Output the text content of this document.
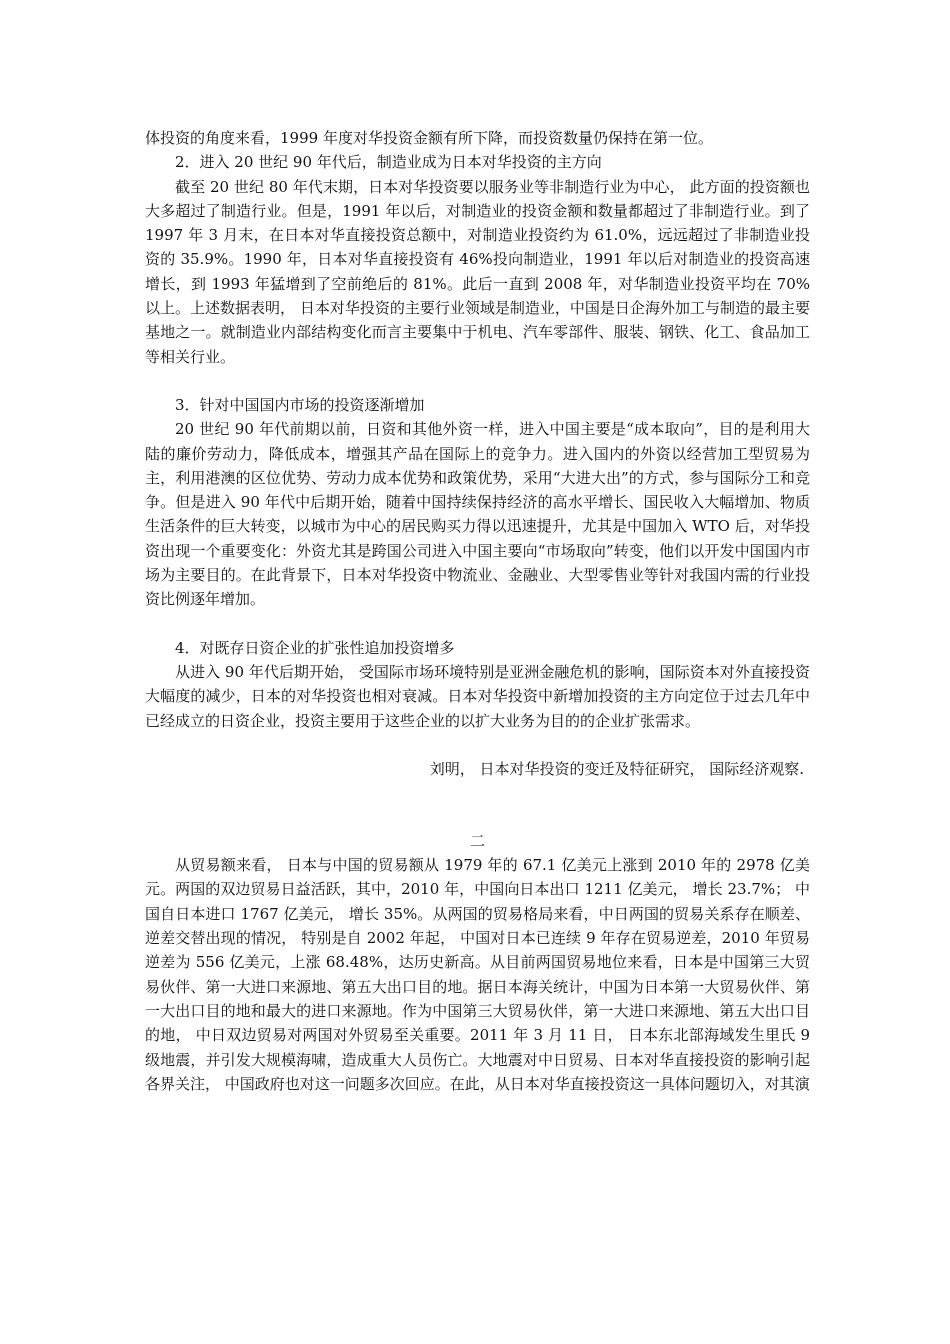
体投资的角度来看，1999 年度对华投资金额有所下降，而投资数量仍保持在第一位。

2．进入 20 世纪 90 年代后，制造业成为日本对华投资的主方向

截至 20 世纪 80 年代末期，日本对华投资要以服务业等非制造行业为中心， 此方面的投资额也大多超过了制造行业。但是，1991 年以后，对制造业的投资金额和数量都超过了非制造行业。到了 1997 年 3 月末，在日本对华直接投资总额中，对制造业投资约为 61.0%，远远超过了非制造业投资的 35.9%。1990 年，日本对华直接投资有 46%投向制造业，1991 年以后对制造业的投资高速增长，到 1993 年猛增到了空前绝后的 81%。此后一直到 2008 年，对华制造业投资平均在 70%以上。上述数据表明， 日本对华投资的主要行业领域是制造业，中国是日企海外加工与制造的最主要基地之一。就制造业内部结构变化而言主要集中于机电、汽车零部件、服装、钢铁、化工、食品加工等相关行业。

3．针对中国国内市场的投资逐渐增加

20 世纪 90 年代前期以前，日资和其他外资一样，进入中国主要是“成本取向”，目的是利用大陆的廉价劳动力，降低成本，增强其产品在国际上的竞争力。进入国内的外资以经营加工型贸易为主，利用港澳的区位优势、劳动力成本优势和政策优势，采用“大进大出”的方式，参与国际分工和竞争。但是进入 90 年代中后期开始，随着中国持续保持经济的高水平增长、国民收入大幅增加、物质生活条件的巨大转变，以城市为中心的居民购买力得以迅速提升，尤其是中国加入 WTO 后，对华投资出现一个重要变化：外资尤其是跨国公司进入中国主要向“市场取向”转变，他们以开发中国国内市场为主要目的。在此背景下，日本对华投资中物流业、金融业、大型零售业等针对我国内需的行业投资比例逐年增加。

4．对既存日资企业的扩张性追加投资增多

从进入 90 年代后期开始， 受国际市场环境特别是亚洲金融危机的影响，国际资本对外直接投资大幅度的减少，日本的对华投资也相对衰减。日本对华投资中新增加投资的主方向定位于过去几年中已经成立的日资企业，投资主要用于这些企业的以扩大业务为目的的企业扩张需求。

刘明， 日本对华投资的变迁及特征研究， 国际经济观察.

二

从贸易额来看， 日本与中国的贸易额从 1979 年的 67.1 亿美元上涨到 2010 年的 2978 亿美元。两国的双边贸易日益活跃，其中，2010 年，中国向日本出口 1211 亿美元， 增长 23.7%； 中国自日本进口 1767 亿美元， 增长 35%。从两国的贸易格局来看，中日两国的贸易关系存在顺差、逆差交替出现的情况， 特别是自 2002 年起， 中国对日本已连续 9 年存在贸易逆差，2010 年贸易逆差为 556 亿美元，上涨 68.48%，达历史新高。从目前两国贸易地位来看，日本是中国第三大贸易伙伴、第一大进口来源地、第五大出口目的地。据日本海关统计，中国为日本第一大贸易伙伴、第一大出口目的地和最大的进口来源地。作为中国第三大贸易伙伴，第一大进口来源地、第五大出口目的地， 中日双边贸易对两国对外贸易至关重要。2011 年 3 月 11 日， 日本东北部海域发生里氏 9 级地震，并引发大规模海啸，造成重大人员伤亡。大地震对中日贸易、日本对华直接投资的影响引起各界关注， 中国政府也对这一问题多次回应。在此，从日本对华直接投资这一具体问题切入，对其演
